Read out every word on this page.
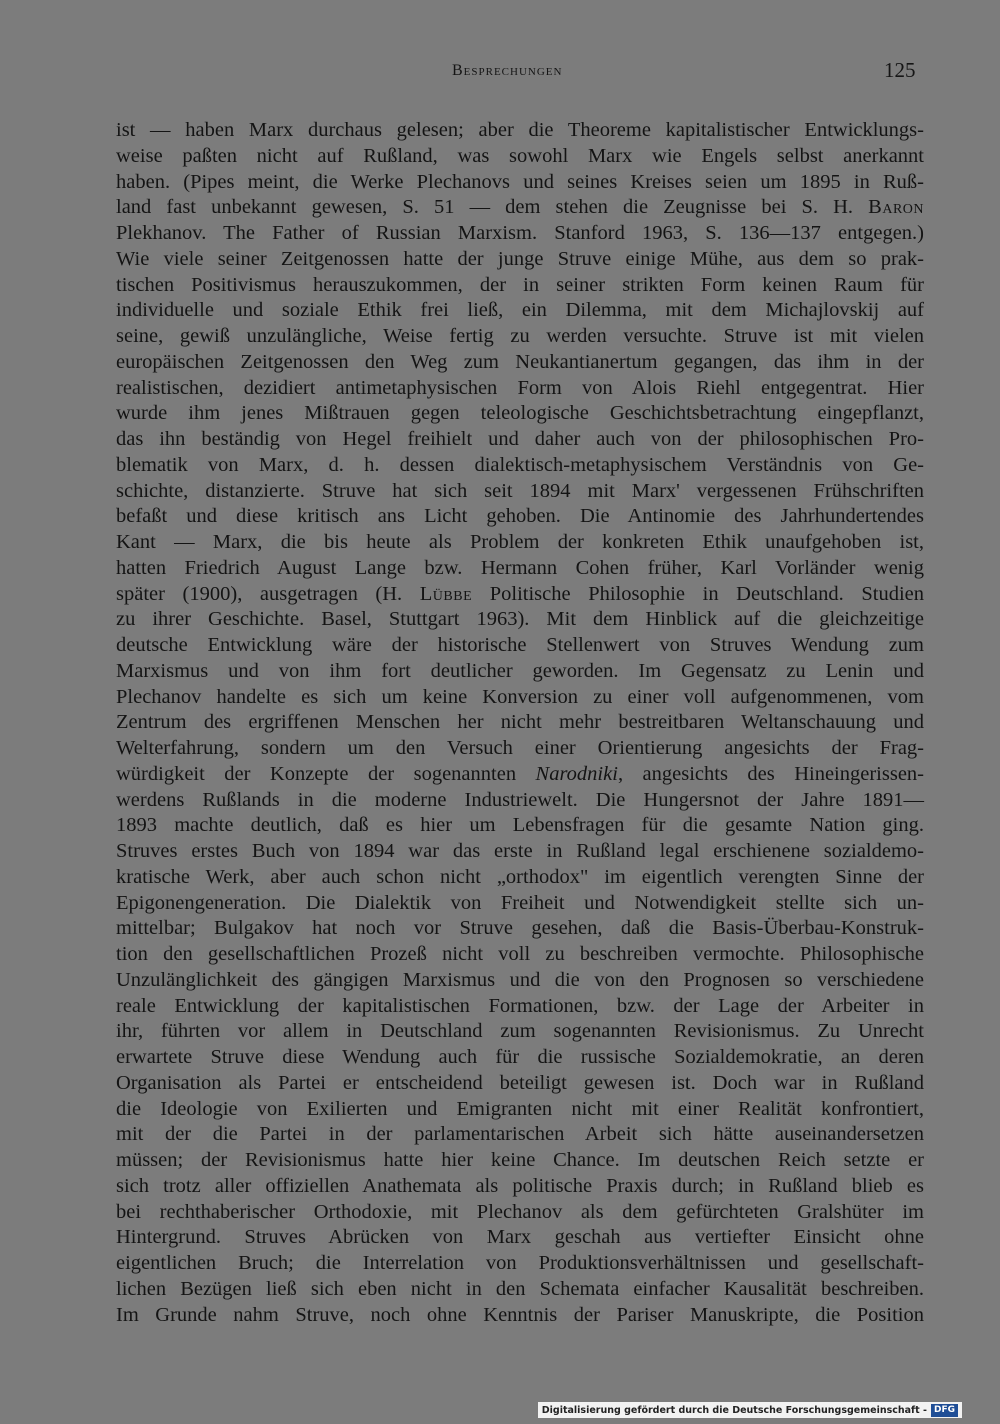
Besprechungen	125
ist — haben Marx durchaus gelesen; aber die Theoreme kapitalistischer Entwicklungs-
weise paßten nicht auf Rußland, was sowohl Marx wie Engels selbst anerkannt
haben. (Pipes meint, die Werke Plechanovs und seines Kreises seien um 1895 in Ruß-
land fast unbekannt gewesen, S. 51 — dem stehen die Zeugnisse bei S. H. Baron
Plekhanov. The Father of Russian Marxism. Stanford 1963, S. 136—137 entgegen.)
Wie viele seiner Zeitgenossen hatte der junge Struve einige Mühe, aus dem so prak-
tischen Positivismus herauszukommen, der in seiner strikten Form keinen Raum für
individuelle und soziale Ethik frei ließ, ein Dilemma, mit dem Michajlovskij auf
seine, gewiß unzulängliche, Weise fertig zu werden versuchte. Struve ist mit vielen
europäischen Zeitgenossen den Weg zum Neukantianertum gegangen, das ihm in der
realistischen, dezidiert antimetaphysischen Form von Alois Riehl entgegentrat. Hier
wurde ihm jenes Mißtrauen gegen teleologische Geschichtsbetrachtung eingepflanzt,
das ihn beständig von Hegel freihielt und daher auch von der philosophischen Pro-
blematik von Marx, d. h. dessen dialektisch-metaphysischem Verständnis von Ge-
schichte, distanzierte. Struve hat sich seit 1894 mit Marx' vergessenen Frühschriften
befaßt und diese kritisch ans Licht gehoben. Die Antinomie des Jahrhundertendes
Kant — Marx, die bis heute als Problem der konkreten Ethik unaufgehoben ist,
hatten Friedrich August Lange bzw. Hermann Cohen früher, Karl Vorländer wenig
später (1900), ausgetragen (H. Lübbe Politische Philosophie in Deutschland. Studien
zu ihrer Geschichte. Basel, Stuttgart 1963). Mit dem Hinblick auf die gleichzeitige
deutsche Entwicklung wäre der historische Stellenwert von Struves Wendung zum
Marxismus und von ihm fort deutlicher geworden. Im Gegensatz zu Lenin und
Plechanov handelte es sich um keine Konversion zu einer voll aufgenommenen, vom
Zentrum des ergriffenen Menschen her nicht mehr bestreitbaren Weltanschauung und
Welterfahrung, sondern um den Versuch einer Orientierung angesichts der Frag-
würdigkeit der Konzepte der sogenannten Narodniki, angesichts des Hineingerissen-
werdens Rußlands in die moderne Industriewelt. Die Hungersnot der Jahre 1891—
1893 machte deutlich, daß es hier um Lebensfragen für die gesamte Nation ging.
Struves erstes Buch von 1894 war das erste in Rußland legal erschienene sozialdemo-
kratische Werk, aber auch schon nicht „orthodox" im eigentlich verengten Sinne der
Epigonengeneration. Die Dialektik von Freiheit und Notwendigkeit stellte sich un-
mittelbar; Bulgakov hat noch vor Struve gesehen, daß die Basis-Überbau-Konstruk-
tion den gesellschaftlichen Prozeß nicht voll zu beschreiben vermochte. Philosophische
Unzulänglichkeit des gängigen Marxismus und die von den Prognosen so verschiedene
reale Entwicklung der kapitalistischen Formationen, bzw. der Lage der Arbeiter in
ihr, führten vor allem in Deutschland zum sogenannten Revisionismus. Zu Unrecht
erwartete Struve diese Wendung auch für die russische Sozialdemokratie, an deren
Organisation als Partei er entscheidend beteiligt gewesen ist. Doch war in Rußland
die Ideologie von Exilierten und Emigranten nicht mit einer Realität konfrontiert,
mit der die Partei in der parlamentarischen Arbeit sich hätte auseinandersetzen
müssen; der Revisionismus hatte hier keine Chance. Im deutschen Reich setzte er
sich trotz aller offiziellen Anathemata als politische Praxis durch; in Rußland blieb es
bei rechthaberischer Orthodoxie, mit Plechanov als dem gefürchteten Gralshüter im
Hintergrund. Struves Abrücken von Marx geschah aus vertiefter Einsicht ohne
eigentlichen Bruch; die Interrelation von Produktionsverhältnissen und gesellschaft-
lichen Bezügen ließ sich eben nicht in den Schemata einfacher Kausalität beschreiben.
Im Grunde nahm Struve, noch ohne Kenntnis der Pariser Manuskripte, die Position
Digitalisierung gefördert durch die Deutsche Forschungsgemeinschaft - DFG
